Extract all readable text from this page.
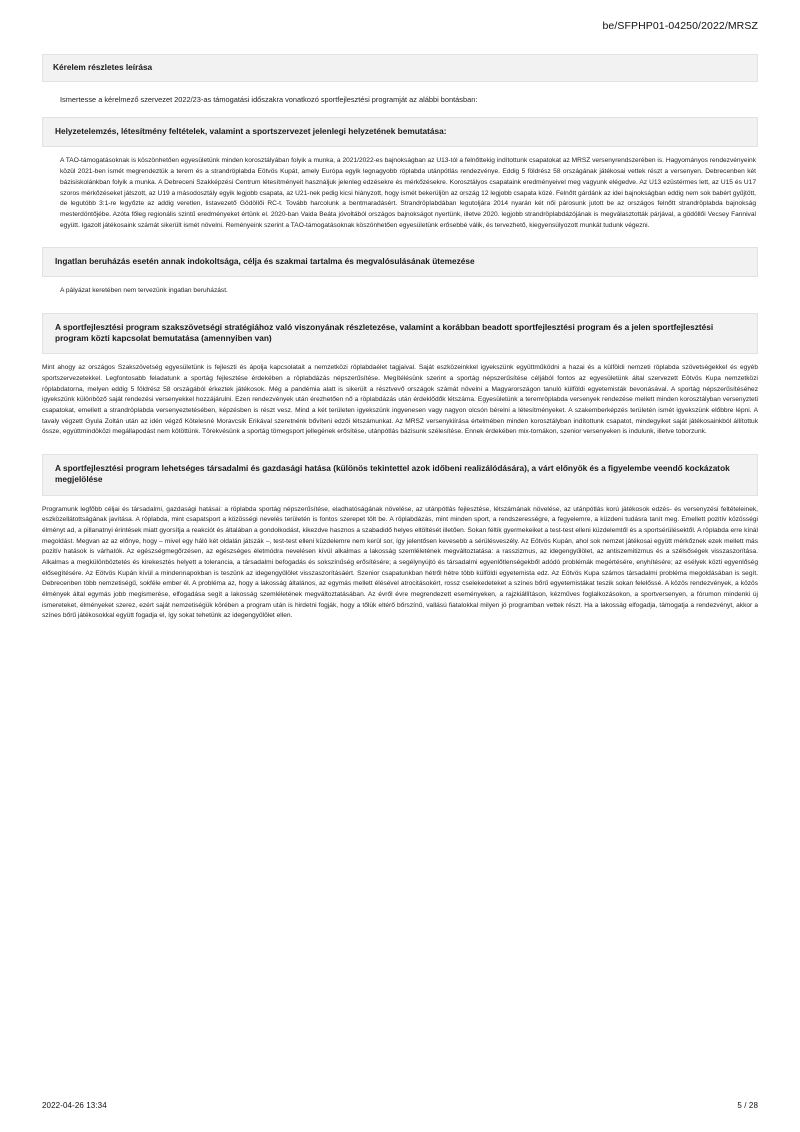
be/SFPHP01-04250/2022/MRSZ
Kérelem részletes leírása
Ismertesse a kérelmező szervezet 2022/23-as támogatási időszakra vonatkozó sportfejlesztési programját az alábbi bontásban:
Helyzetelemzés, létesítmény feltételek, valamint a sportszervezet jelenlegi helyzetének bemutatása:
A TAO-támogatásoknak is köszönhetően egyesületünk minden korosztályában folyik a munka, a 2021/2022-es bajnokságban az U13-tól a felnőttekig indítottunk csapatokat az MRSZ versenyrendszerében is. Hagyományos rendezvényeink közül 2021-ben ismét megrendeztük a terem és a strandröplabda Eötvös Kupát, amely Európa egyik legnagyobb röplabda utánpótlás rendezvénye. Eddig 5 földrész 58 országának játékosai vettek részt a versenyen. Debrecenben két bázisiskolánkban folyik a munka. A Debreceni Szakképzési Centrum létesítményeit használjuk jelenleg edzésekre és mérkőzésekre. Korosztályos csapataink eredményeivel meg vagyunk elégedve. Az U13 ezüstérmes lett, az U15 és U17 szoros mérkőzéseket játszott, az U19 a másodosztály egyik legjobb csapata, az U21-nek pedig kicsi hiányzott, hogy ismét bekerüljön az ország 12 legjobb csapata közé. Felnőtt gárdánk az idei bajnokságban eddig nem sok babért gyűjtött, de legutóbb 3:1-re legyőzte az addig veretlen, listavezető Gödöllői RC-t. Tovább harcolunk a bentmaradásért. Strandröplabdában legutoljára 2014 nyarán két női párosunk jutott be az országos felnőtt strandröplabda bajnokság mesterdöntőjébe. Azóta főleg regionális szintű eredményeket értünk el. 2020-ban Vaida Beáta jóvoltából országos bajnokságot nyertünk, illetve 2020. legjobb strandröplabdázójának is megválasztották párjával, a gödöllői Vecsey Fannival együtt. Igazolt játékosaink számát sikerült ismét növelni. Reményeink szerint a TAO-támogatásoknak köszönhetően egyesületünk erősebbé válik, és tervezhető, kiegyensúlyozott munkát tudunk végezni.
Ingatlan beruházás esetén annak indokoltsága, célja és szakmai tartalma és megvalósulásának ütemezése
A pályázat keretében nem tervezünk ingatlan beruházást.
A sportfejlesztési program szakszövetségi stratégiához való viszonyának részletezése, valamint a korábban beadott sportfejlesztési program és a jelen sportfejlesztési program közti kapcsolat bemutatása (amennyiben van)
Mint ahogy az országos Szakszövetség egyesületünk is fejleszti és ápolja kapcsolatait a nemzetközi röplabdaélet tagjaival. Saját eszközeinkkel igyekszünk együttműködni a hazai és a külföldi nemzeti röplabda szövetségekkel és egyéb sportszervezetekkel. Legfontosabb feladatunk a sportág fejlesztése érdekében a röplabdázás népszerűsítése. Megítélésünk szerint a sportág népszerűsítése céljából fontos az egyesületünk által szervezett Eötvös Kupa nemzetközi röplabdatorna, melyen eddig 5 földrész 58 országából érkeztek játékosok. Még a pandémia alatt is sikerült a résztvevő országok számát növelni a Magyarországon tanuló külföldi egyetemisták bevonásával. A sportág népszerűsítéséhez igyekszünk különböző saját rendezési versenyekkel hozzájárulni. Ezen rendezvények után érezhetően nő a röplabdázás után érdeklődők létszáma. Egyesületünk a teremröplabda versenyek rendezése mellett minden korosztályban versenyzteti csapatokat, emellett a strandröplabda versenyeztetésében, képzésben is részt vesz. Mind a két területen igyekszünk ingyenesen vagy nagyon olcsón bérelni a létesítményeket. A szakemberképzés területén ismét igyekszünk előbbre lépni. A tavaly végzett Gyula Zoltán után az idén végző Kötelesné Moravcsik Erikával szeretnénk bővíteni edzői létszámunkat. Az MRSZ versenykiírása értelmében minden korosztályban indítottunk csapatot, mindegyiket saját játékosainkból állítottuk össze, egyúttmindöközi megállapodást nem kötöttünk. Törekvésünk a sportág tömegsport jellegének erősítése, utánpótlás bázisunk szélesítése. Ennek érdekében mix-tornákon, szenior versenyeken is indulunk, illetve toborzunk.
A sportfejlesztési program lehetséges társadalmi és gazdasági hatása (különös tekintettel azok időbeni realizálódására), a várt előnyök és a figyelembe veendő kockázatok megjelölése
Programunk legfőbb céljai és társadalmi, gazdasági hatásai: a röplabda sportág népszerűsítése, eladhatóságának növelése, az utánpótlás fejlesztése, létszámának növelése, az utánpótlás korú játékosok edzés- és versenyzési feltételeinek, eszközellátottságának javítása. A röplabda, mint csapatsport a közösségi nevelés területén is fontos szerepet tölt be. A röplabdázás, mint minden sport, a rendszerességre, a fegyelemre, a küzdeni tudásra tanít meg. Emellett pozitív közösségi élményt ad, a pillanatnyi érintések miatt gyorsítja a reakciót és általában a gondolkodást, kikezdve hasznos a szabadidő helyes eltöltését illetően. Sokan féltik gyermekeiket a test-test elleni küzdelemtől és a sportsérülésektől. A röplabda erre kínál megoldást. Megvan az az előnye, hogy – mivel egy háló két oldalán játszák –, test-test elleni küzdelemre nem kerül sor, így jelentősen kevesebb a sérülésveszély. Az Eötvös Kupán, ahol sok nemzet játékosai együtt mérkőznek ezek mellett más pozitív hatások is várhatók. Az egészségmegőrzésen, az egészséges életmódra nevelésen kívül alkalmas a lakosság szemléletének megváltoztatása: a rasszizmus, az idegengyűlölet, az antiszemitizmus és a szélsőségek visszaszorítása. Alkalmas a megkülönböztetés és kirekesztés helyett a tolerancia, a társadalmi befogadás és sokszínűség erősítésére; a segélynyújtó és társadalmi egyenlőtlenségekből adódó problémák megértésére, enyhítésére; az esélyek közti egyenlőség elősegítésére. Az Eötvös Kupán kívül a mindennapokban is teszünk az idegengyűlölet visszaszorításáért. Szenior csapatunkban hétről hétre több külföldi egyetemista edz. Az Eötvös Kupa számos társadalmi probléma megoldásában is segít. Debrecenben több nemzetiségű, sokféle ember él. A probléma az, hogy a lakosság általános, az egymás mellett élésével atrocitásokért, rossz cselekedeteket a színes bőrű egyetemistákat teszik sokan felelőssé. A közös rendezvények, a közös élmények által egymás jobb megismerése, elfogadása segít a lakosság szemléletének megváltoztatásában. Az évről évre megrendezett eseményeken, a rajzkiállításon, kézműves foglalkozásokon, a sportversenyen, a fórumon mindenki új ismereteket, élményeket szerez, ezért saját nemzetiségük körében a program után is hirdetni fogják, hogy a tőlük eltérő bőrszínű, vallású fiatalokkal milyen jó programban vettek részt. Ha a lakosság elfogadja, támogatja a rendezvényt, akkor a színes bőrű játékosokkal együtt fogadja el, így sokat tehetünk az idegengyűlölet ellen.
2022-04-26 13:34	5 / 28
